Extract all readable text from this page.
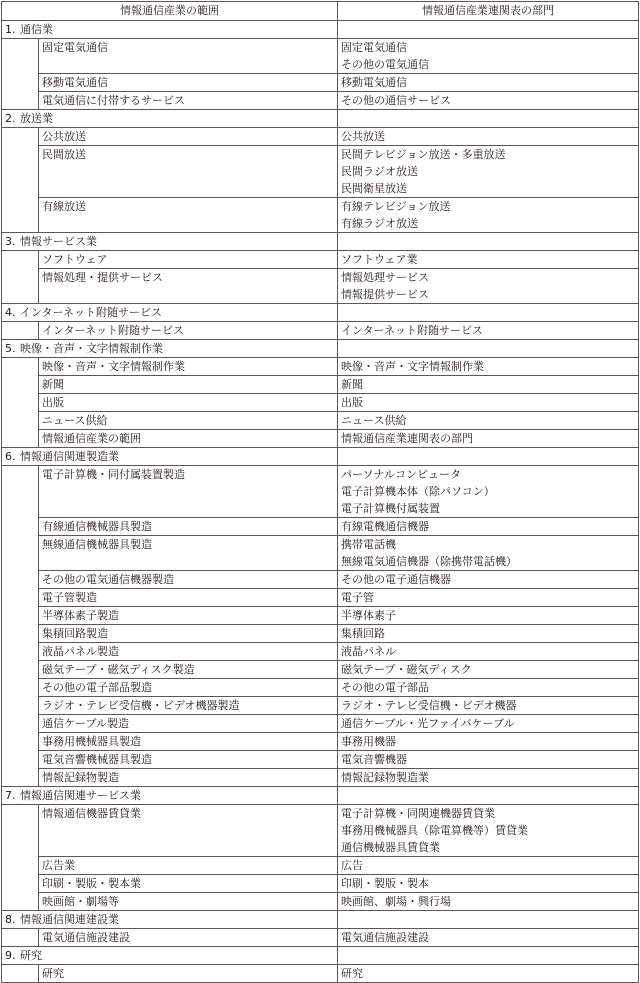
情報通信産業の範囲		情報通信産業連関表の部門
1. 通信業		

	固定電気通信	固定電気通信
その他の電気通信

	移動電気通信	移動電気通信

	電気通信に付帯するサービス	その他の通信サービス

2. 放送業		

	公共放送	公共放送

	民間放送	民間テレビジョン放送・多重放送
民間ラジオ放送
民間衛星放送

	有線放送	有線テレビジョン放送
有線ラジオ放送

3. 情報サービス業		

	ソフトウェア	ソフトウェア業

	情報処理・提供サービス	情報処理サービス
情報提供サービス

4. インターネット附随サービス		

	インターネット附随サービス	インターネット附随サービス

5. 映像・音声・文字情報制作業		

	映像・音声・文字情報制作業	映像・音声・文字情報制作業

	新聞	新聞

	出版	出版

	ニュース供給	ニュース供給

	情報通信産業の範囲	情報通信産業連関表の部門

6. 情報通信関連製造業		

	電子計算機・同付属装置製造	パーソナルコンピュータ
電子計算機本体（除パソコン）
電子計算機付属装置

	有線通信機械器具製造	有線電機通信機器

	無線通信機械器具製造	携帯電話機
無線電気通信機器（除携帯電話機）

	その他の電気通信機器製造	その他の電子通信機器

	電子管製造	電子管

	半導体素子製造	半導体素子

	集積回路製造	集積回路

	液晶パネル製造	液晶パネル

	磁気テープ・磁気ディスク製造	磁気テープ・磁気ディスク

	その他の電子部品製造	その他の電子部品

	ラジオ・テレビ受信機・ビデオ機器製造	ラジオ・テレビ受信機・ビデオ機器

	通信ケーブル製造	通信ケーブル・光ファイバケーブル

	事務用機械器具製造	事務用機器

	電気音響機械器具製造	電気音響機器

	情報記録物製造	情報記録物製造業

7. 情報通信関連サービス業		

	情報通信機器賃貸業	電子計算機・同関連機器賃貸業
事務用機械器具（除電算機等）賃貸業
通信機械器具賃貸業

	広告業	広告

	印刷・製版・製本業	印刷・製版・製本

	映画館・劇場等	映画館、劇場・興行場

8. 情報通信関連建設業		

	電気通信施設建設	電気通信施設建設

9. 研究		

	研究	研究
